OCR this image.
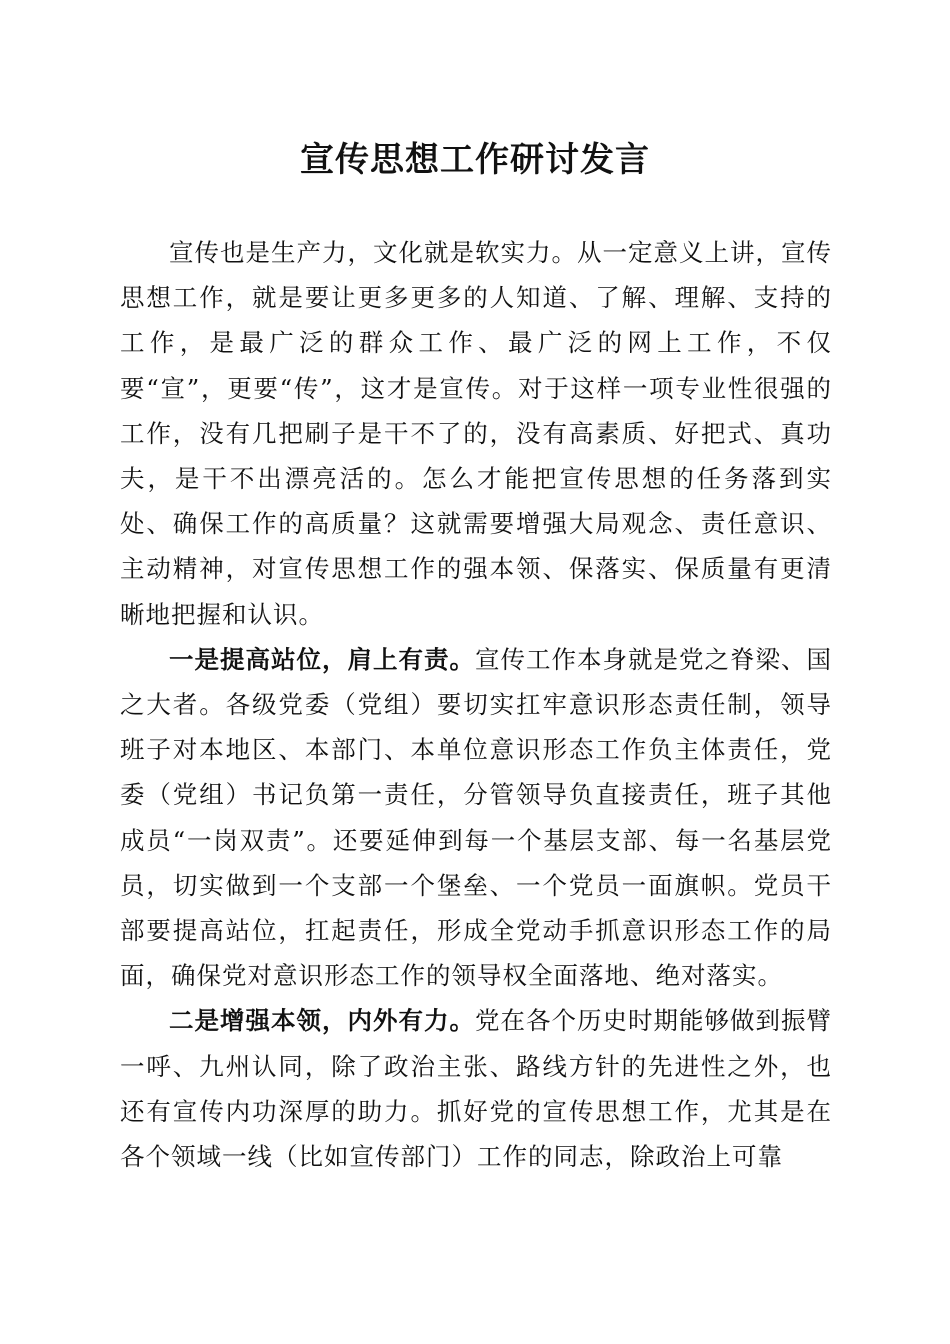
宣传思想工作研讨发言

宣传也是生产力，文化就是软实力。从一定意义上讲，宣传思想工作，就是要让更多更多的人知道、了解、理解、支持的工作，是最广泛的群众工作、最广泛的网上工作，不仅要“宣”，更要“传”，这才是宣传。对于这样一项专业性很强的工作，没有几把刷子是干不了的，没有高素质、好把式、真功夫，是干不出漂亮活的。怎么才能把宣传思想的任务落到实处、确保工作的高质量？这就需要增强大局观念、责任意识、主动精神，对宣传思想工作的强本领、保落实、保质量有更清晰地把握和认识。

一是提高站位，肩上有责。宣传工作本身就是党之脊梁、国之大者。各级党委（党组）要切实扛牢意识形态责任制，领导班子对本地区、本部门、本单位意识形态工作负主体责任，党委（党组）书记负第一责任，分管领导负直接责任，班子其他成员“一岗双责”。还要延伸到每一个基层支部、每一名基层党员，切实做到一个支部一个堡垒、一个党员一面旗帜。党员干部要提高站位，扛起责任，形成全党动手抓意识形态工作的局面，确保党对意识形态工作的领导权全面落地、绝对落实。

二是增强本领，内外有力。党在各个历史时期能够做到振臂一呼、九州认同，除了政治主张、路线方针的先进性之外，也还有宣传内功深厚的助力。抓好党的宣传思想工作，尤其是在各个领域一线（比如宣传部门）工作的同志，除政治上可靠
